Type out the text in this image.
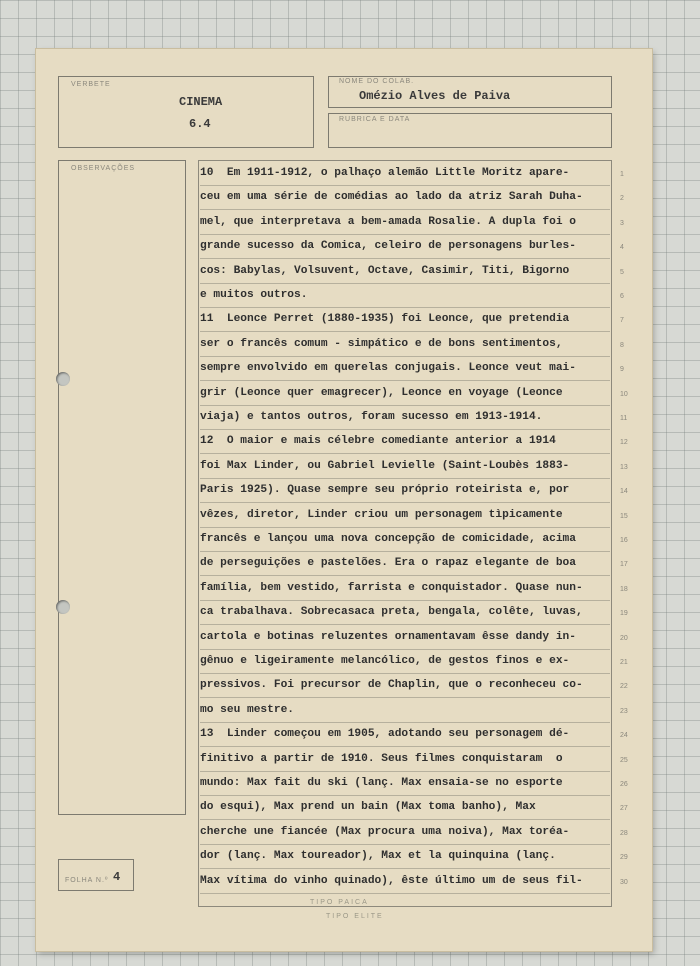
VERBETE
CINEMA
6.4
NOME DO COLAB.
Omézio Alves de Paiva
RUBRICA E DATA
OBSERVAÇÕES
FOLHA N.º 4
10  Em 1911-1912, o palhaço alemão Little Moritz apare-
ceu em uma série de comédias ao lado da atriz Sarah Duha-
mel, que interpretava a bem-amada Rosalie. A dupla foi o
grande sucesso da Comica, celeiro de personagens burles-
cos: Babylas, Volsuvent, Octave, Casimir, Titi, Bigorno
e muitos outros.
11  Leonce Perret (1880-1935) foi Leonce, que pretendia
ser o francês comum - simpático e de bons sentimentos,
sempre envolvido em querelas conjugais. Leonce veut mai-
grir (Leonce quer emagrecer), Leonce en voyage (Leonce
viaja) e tantos outros, foram sucesso em 1913-1914.
12  O maior e mais célebre comediante anterior a 1914
foi Max Linder, ou Gabriel Levielle (Saint-Loubès 1883-
Paris 1925). Quase sempre seu próprio roteirista e, por
vêzes, diretor, Linder criou um personagem tìpicamente
francês e lançou uma nova concepção de comicidade, acima
de perseguições e pastelões. Era o rapaz elegante de boa
família, bem vestido, farrista e conquistador. Quase nun-
ca trabalhava. Sobrecasaca preta, bengala, colête, luvas,
cartola e botinas reluzentes ornamentavam êsse dandy in-
gênuo e ligeiramente melancólico, de gestos finos e ex-
pressivos. Foi precursor de Chaplin, que o reconheceu co-
mo seu mestre.
13  Linder começou em 1905, adotando seu personagem dé-
finitivo a partir de 1910. Seus filmes conquistaram  o
mundo: Max fait du ski (lanç. Max ensaia-se no esporte
do esqui), Max prend un bain (Max toma banho), Max
cherche une fiancée (Max procura uma noiva), Max toréa-
dor (lanç. Max toureador), Max et la quinquina (lanç.
Max vítima do vinho quinado), êste último um de seus fil-
1
2
3
4
5
6
7
8
9
10
11
12
13
14
15
16
17
18
19
20
21
22
23
24
25
26
27
28
29
30
TIPO PAICA
TIPO ELITE
